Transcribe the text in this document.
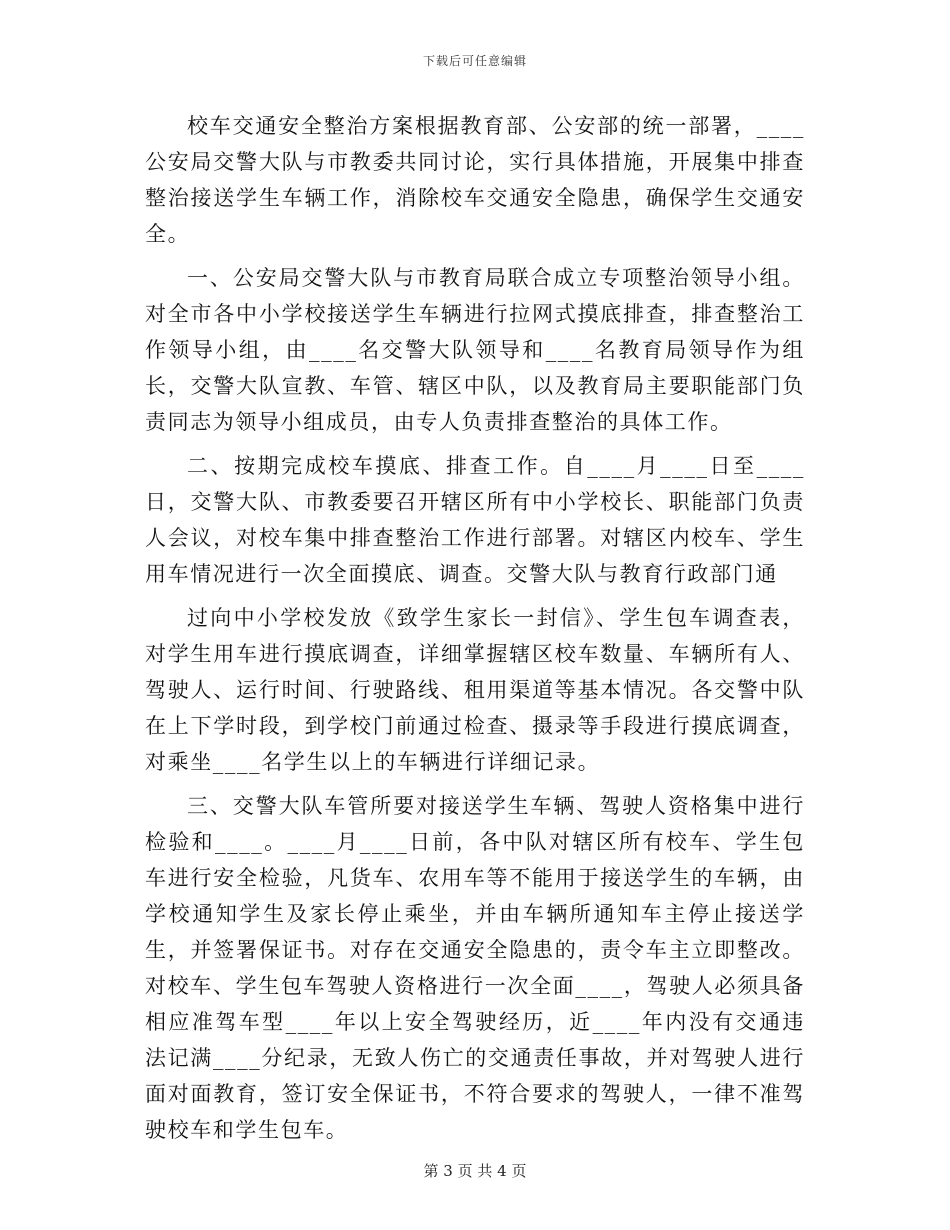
下载后可任意编辑

校车交通安全整治方案根据教育部、公安部的统一部署，____公安局交警大队与市教委共同讨论，实行具体措施，开展集中排查整治接送学生车辆工作，消除校车交通安全隐患，确保学生交通安全。

一、公安局交警大队与市教育局联合成立专项整治领导小组。对全市各中小学校接送学生车辆进行拉网式摸底排查，排查整治工作领导小组，由____名交警大队领导和____名教育局领导作为组长，交警大队宣教、车管、辖区中队，以及教育局主要职能部门负责同志为领导小组成员，由专人负责排查整治的具体工作。

二、按期完成校车摸底、排查工作。自____月____日至____日，交警大队、市教委要召开辖区所有中小学校长、职能部门负责人会议，对校车集中排查整治工作进行部署。对辖区内校车、学生用车情况进行一次全面摸底、调查。交警大队与教育行政部门通

过向中小学校发放《致学生家长一封信》、学生包车调查表，对学生用车进行摸底调查，详细掌握辖区校车数量、车辆所有人、驾驶人、运行时间、行驶路线、租用渠道等基本情况。各交警中队在上下学时段，到学校门前通过检查、摄录等手段进行摸底调查，对乘坐____名学生以上的车辆进行详细记录。

三、交警大队车管所要对接送学生车辆、驾驶人资格集中进行检验和____。____月____日前，各中队对辖区所有校车、学生包车进行安全检验，凡货车、农用车等不能用于接送学生的车辆，由学校通知学生及家长停止乘坐，并由车辆所通知车主停止接送学生，并签署保证书。对存在交通安全隐患的，责令车主立即整改。对校车、学生包车驾驶人资格进行一次全面____，驾驶人必须具备相应准驾车型____年以上安全驾驶经历，近____年内没有交通违法记满____分纪录，无致人伤亡的交通责任事故，并对驾驶人进行面对面教育，签订安全保证书，不符合要求的驾驶人，一律不准驾驶校车和学生包车。

第 3 页 共 4 页
